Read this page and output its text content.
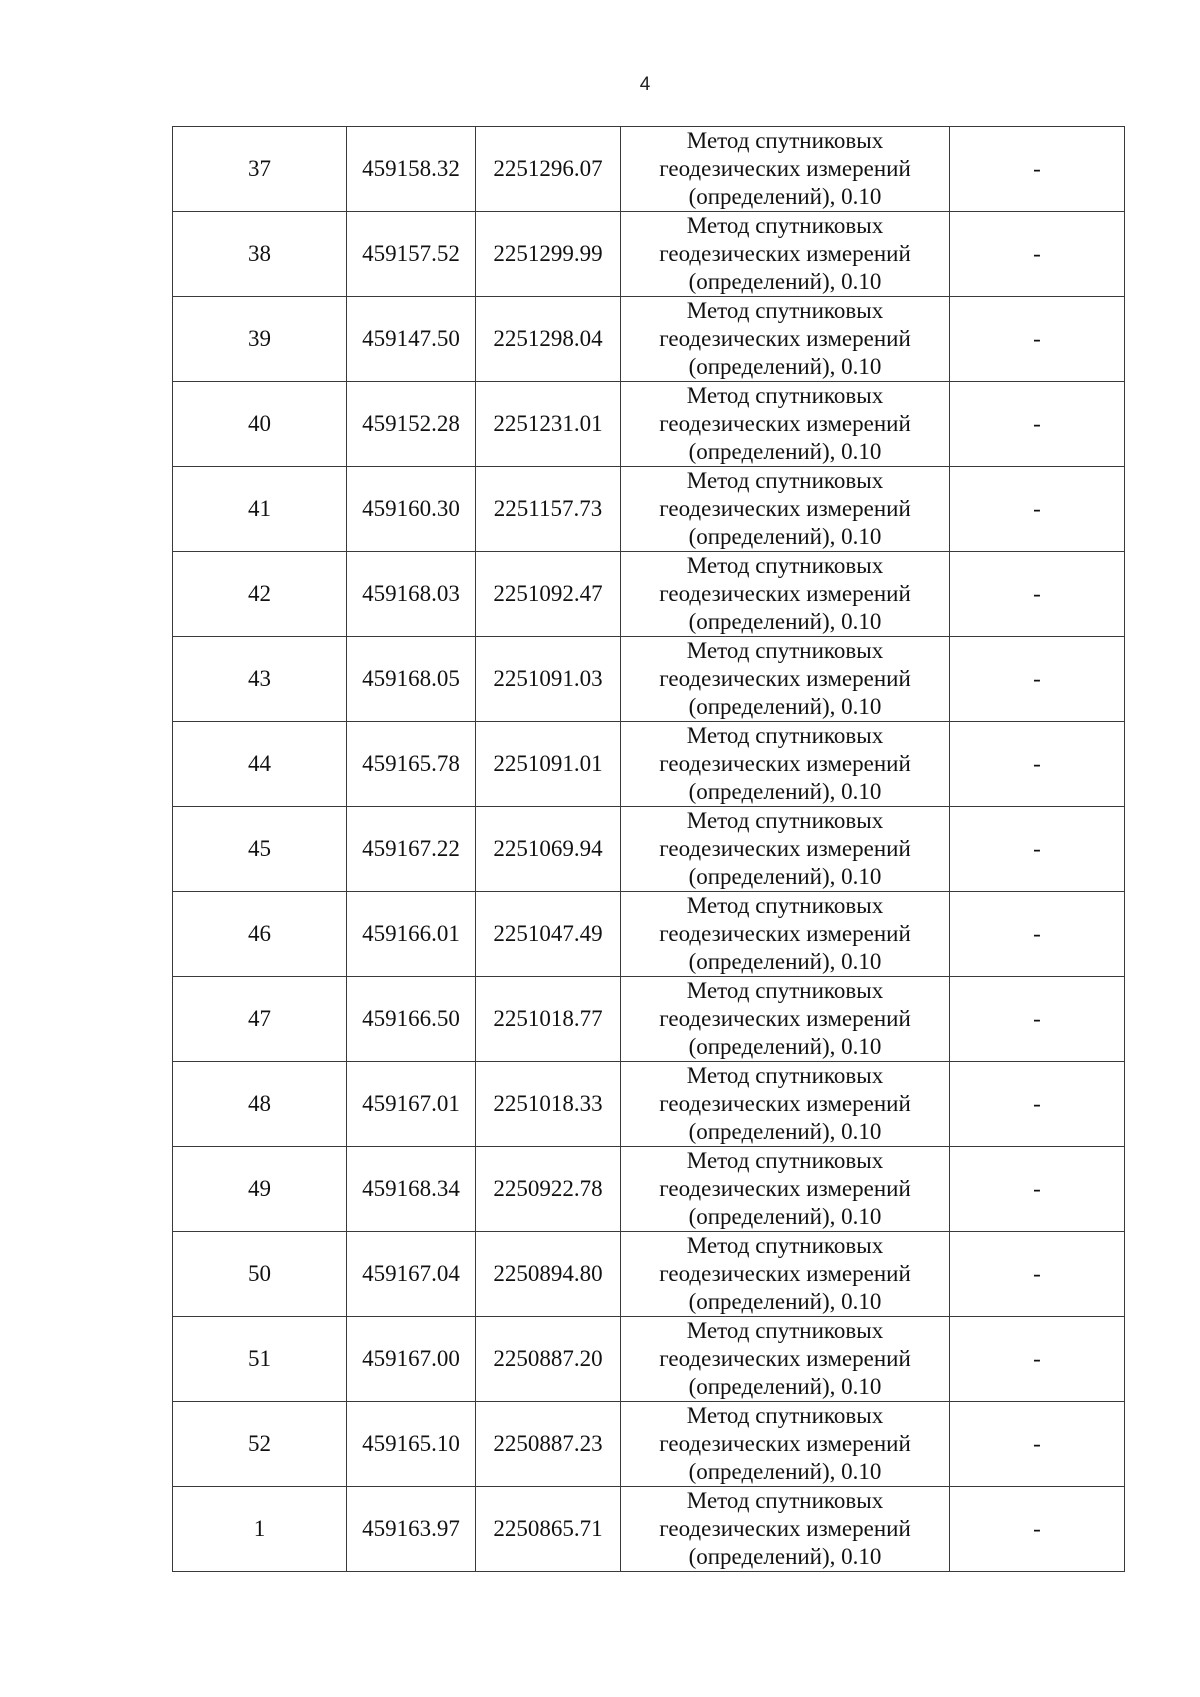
4
37	459158.32	2251296.07	Метод спутниковых
геодезических измерений
(определений), 0.10	-
38	459157.52	2251299.99	Метод спутниковых
геодезических измерений
(определений), 0.10	-
39	459147.50	2251298.04	Метод спутниковых
геодезических измерений
(определений), 0.10	-
40	459152.28	2251231.01	Метод спутниковых
геодезических измерений
(определений), 0.10	-
41	459160.30	2251157.73	Метод спутниковых
геодезических измерений
(определений), 0.10	-
42	459168.03	2251092.47	Метод спутниковых
геодезических измерений
(определений), 0.10	-
43	459168.05	2251091.03	Метод спутниковых
геодезических измерений
(определений), 0.10	-
44	459165.78	2251091.01	Метод спутниковых
геодезических измерений
(определений), 0.10	-
45	459167.22	2251069.94	Метод спутниковых
геодезических измерений
(определений), 0.10	-
46	459166.01	2251047.49	Метод спутниковых
геодезических измерений
(определений), 0.10	-
47	459166.50	2251018.77	Метод спутниковых
геодезических измерений
(определений), 0.10	-
48	459167.01	2251018.33	Метод спутниковых
геодезических измерений
(определений), 0.10	-
49	459168.34	2250922.78	Метод спутниковых
геодезических измерений
(определений), 0.10	-
50	459167.04	2250894.80	Метод спутниковых
геодезических измерений
(определений), 0.10	-
51	459167.00	2250887.20	Метод спутниковых
геодезических измерений
(определений), 0.10	-
52	459165.10	2250887.23	Метод спутниковых
геодезических измерений
(определений), 0.10	-
1	459163.97	2250865.71	Метод спутниковых
геодезических измерений
(определений), 0.10	-
